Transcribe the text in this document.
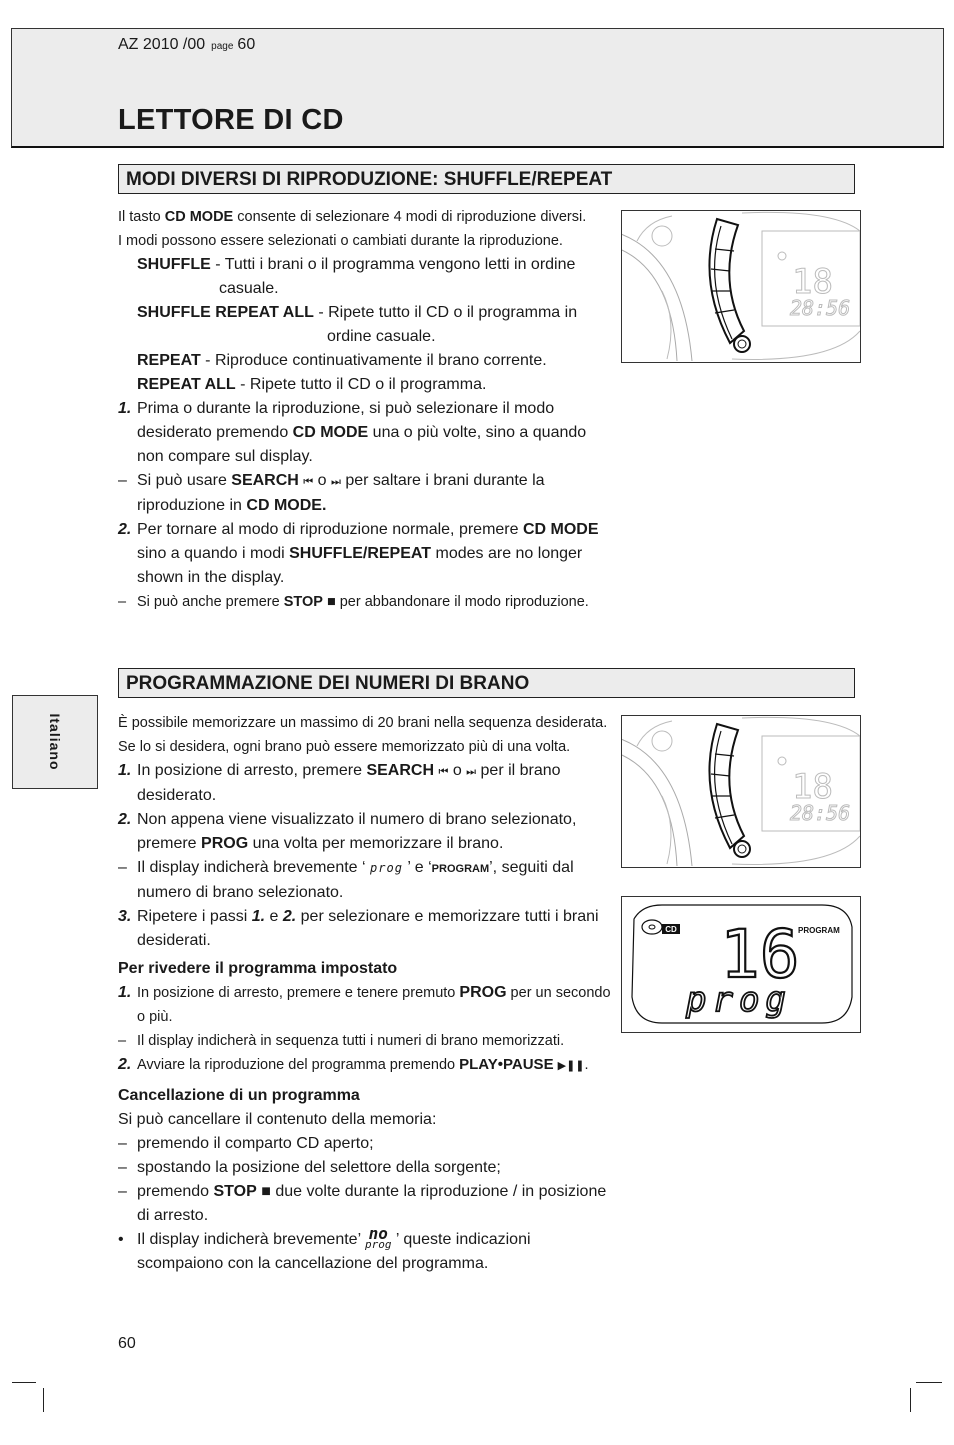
AZ 2010 /00 page 60
LETTORE DI CD
Italiano
MODI DIVERSI DI RIPRODUZIONE: SHUFFLE/REPEAT

Il tasto CD MODE consente di selezionare 4 modi di riproduzione diversi.

I modi possono essere selezionati o cambiati durante la riproduzione.

SHUFFLE - Tutti i brani o il programma vengono letti in ordine casuale.

SHUFFLE REPEAT ALL - Ripete tutto il CD o il programma in ordine casuale.

REPEAT - Riproduce continuativamente il brano corrente.

REPEAT ALL - Ripete tutto il CD o il programma.

1. Prima o durante la riproduzione, si può selezionare il modo desiderato premendo CD MODE una o più volte, sino a quando non compare sul display.

– Si può usare SEARCH ⏮ o ⏭ per saltare i brani durante la riproduzione in CD MODE.

2. Per tornare al modo di riproduzione normale, premere CD MODE sino a quando i modi SHUFFLE/REPEAT modes are no longer shown in the display.

– Si può anche premere STOP ■ per abbandonare il modo riproduzione.

18
28:56
PROGRAMMAZIONE DEI NUMERI DI BRANO

È possibile memorizzare un massimo di 20 brani nella sequenza desiderata.

Se lo si desidera, ogni brano può essere memorizzato più di una volta.

1. In posizione di arresto, premere SEARCH ⏮ o ⏭ per il brano desiderato.

2. Non appena viene visualizzato il numero di brano selezionato, premere PROG una volta per memorizzare il brano.

– Il display indicherà brevemente ‘ prog ’ e ‘PROGRAM’, seguiti dal numero di brano selezionato.

3. Ripetere i passi 1. e 2. per selezionare e memorizzare tutti i brani desiderati.

Per rivedere il programma impostato

1. In posizione di arresto, premere e tenere premuto PROG per un secondo o più.

– Il display indicherà in sequenza tutti i numeri di brano memorizzati.

2. Avviare la riproduzione del programma premendo PLAY•PAUSE ▶❚❚.

Cancellazione di un programma

Si può cancellare il contenuto della memoria:

– premendo il comparto CD aperto;

– spostando la posizione del selettore della sorgente;

– premendo STOP ■ due volte durante la riproduzione / in posizione di arresto.

• Il display indicherà brevemente’ no
prog ’ queste indicazioni scompaiono con la cancellazione del programma.

18
28:56
CD	PROGRAM
16
prog
60
